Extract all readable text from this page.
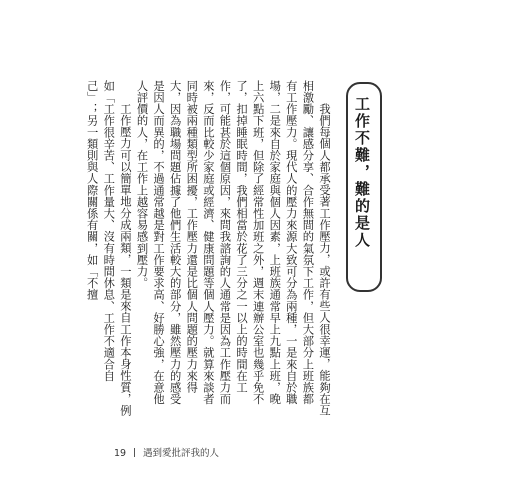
工作不難，難的是人

我們每個人都承受著工作壓力，或許有些人很幸運，能夠在互相激勵、讓感分享、合作無間的氣氛下工作，但大部分上班族都有工作壓力。現代人的壓力來源大致可分為兩種，一是來自於職場，二是來自於家庭與個人因素，上班族通常早上九點上班，晚上六點下班，但除了經常性加班之外，週末連辦公室也幾乎免不了，扣掉睡眠時間，我們相當於花了三分之一以上的時間在工作，可能甚於這個原因，來問我諮詢的人通常是因為工作壓力而來，反而比較少家庭或經濟、健康問題等個人壓力。就算來談者同時被兩種類型所困擾，工作壓力還是比個人問題的壓力來得大，因為職場問題佔據了他們生活較大的部分，雖然壓力的感受是因人而異的，不過通常越是對工作要求高、好勝心強，在意他人評價的人，在工作上越容易感到壓力。

工作壓力可以簡單地分成兩類，一類是來自工作本身性質，例如「工作很辛苦、工作量大、沒有時間休息、工作不適合自己」；另一類則與人際關係有關，如「不擅

19 遇到愛批評我的人
